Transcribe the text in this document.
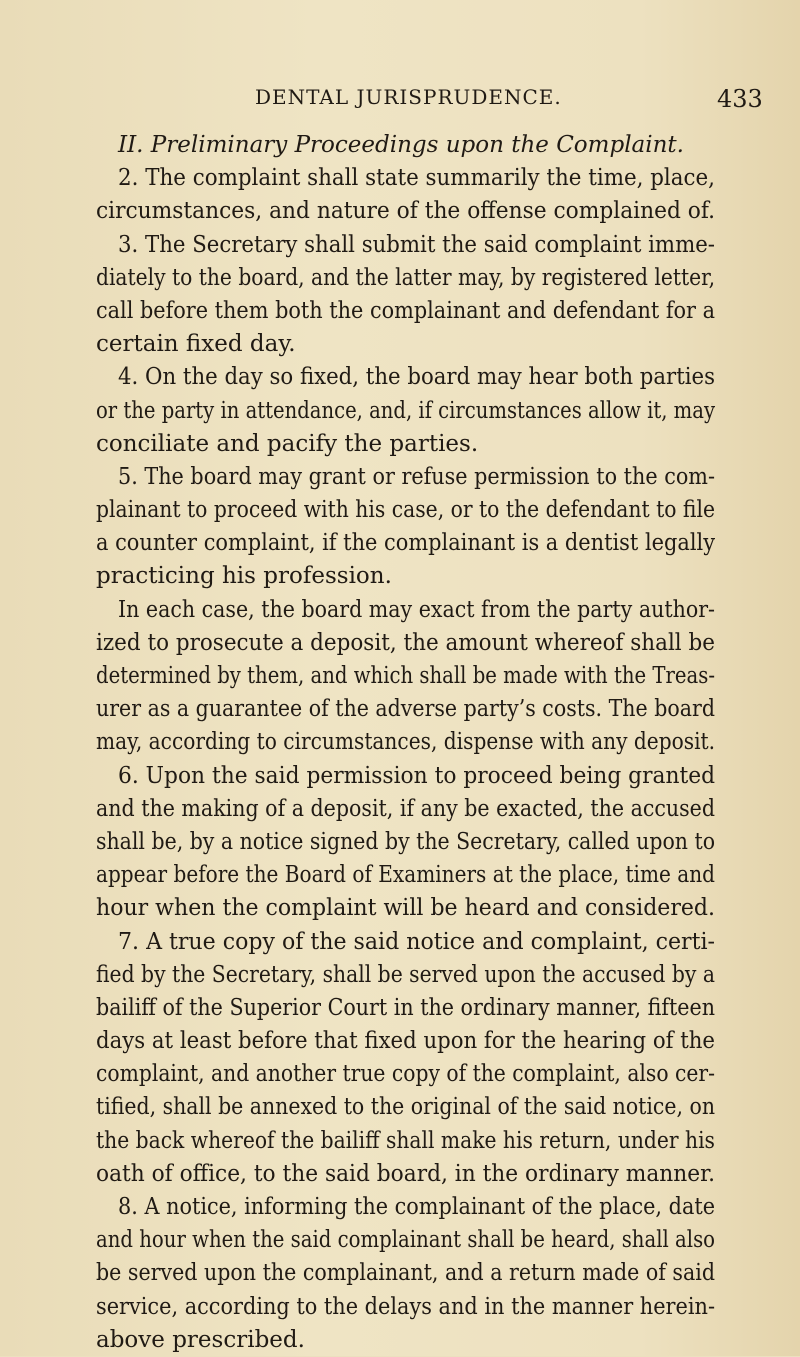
DENTAL JURISPRUDENCE.	433
II. Preliminary Proceedings upon the Complaint.
2. The complaint shall state summarily the time, place,
circumstances, and nature of the offense complained of.
3. The Secretary shall submit the said complaint imme-
diately to the board, and the latter may, by registered letter,
call before them both the complainant and defendant for a
certain fixed day.
4. On the day so fixed, the board may hear both parties
or the party in attendance, and, if circumstances allow it, may
conciliate and pacify the parties.
5. The board may grant or refuse permission to the com-
plainant to proceed with his case, or to the defendant to file
a counter complaint, if the complainant is a dentist legally
practicing his profession.
In each case, the board may exact from the party author-
ized to prosecute a deposit, the amount whereof shall be
determined by them, and which shall be made with the Treas-
urer as a guarantee of the adverse party’s costs. The board
may, according to circumstances, dispense with any deposit.
6. Upon the said permission to proceed being granted
and the making of a deposit, if any be exacted, the accused
shall be, by a notice signed by the Secretary, called upon to
appear before the Board of Examiners at the place, time and
hour when the complaint will be heard and considered.
7. A true copy of the said notice and complaint, certi-
fied by the Secretary, shall be served upon the accused by a
bailiff of the Superior Court in the ordinary manner, fifteen
days at least before that fixed upon for the hearing of the
complaint, and another true copy of the complaint, also cer-
tified, shall be annexed to the original of the said notice, on
the back whereof the bailiff shall make his return, under his
oath of office, to the said board, in the ordinary manner.
8. A notice, informing the complainant of the place, date
and hour when the said complainant shall be heard, shall also
be served upon the complainant, and a return made of said
service, according to the delays and in the manner herein-
above prescribed.
